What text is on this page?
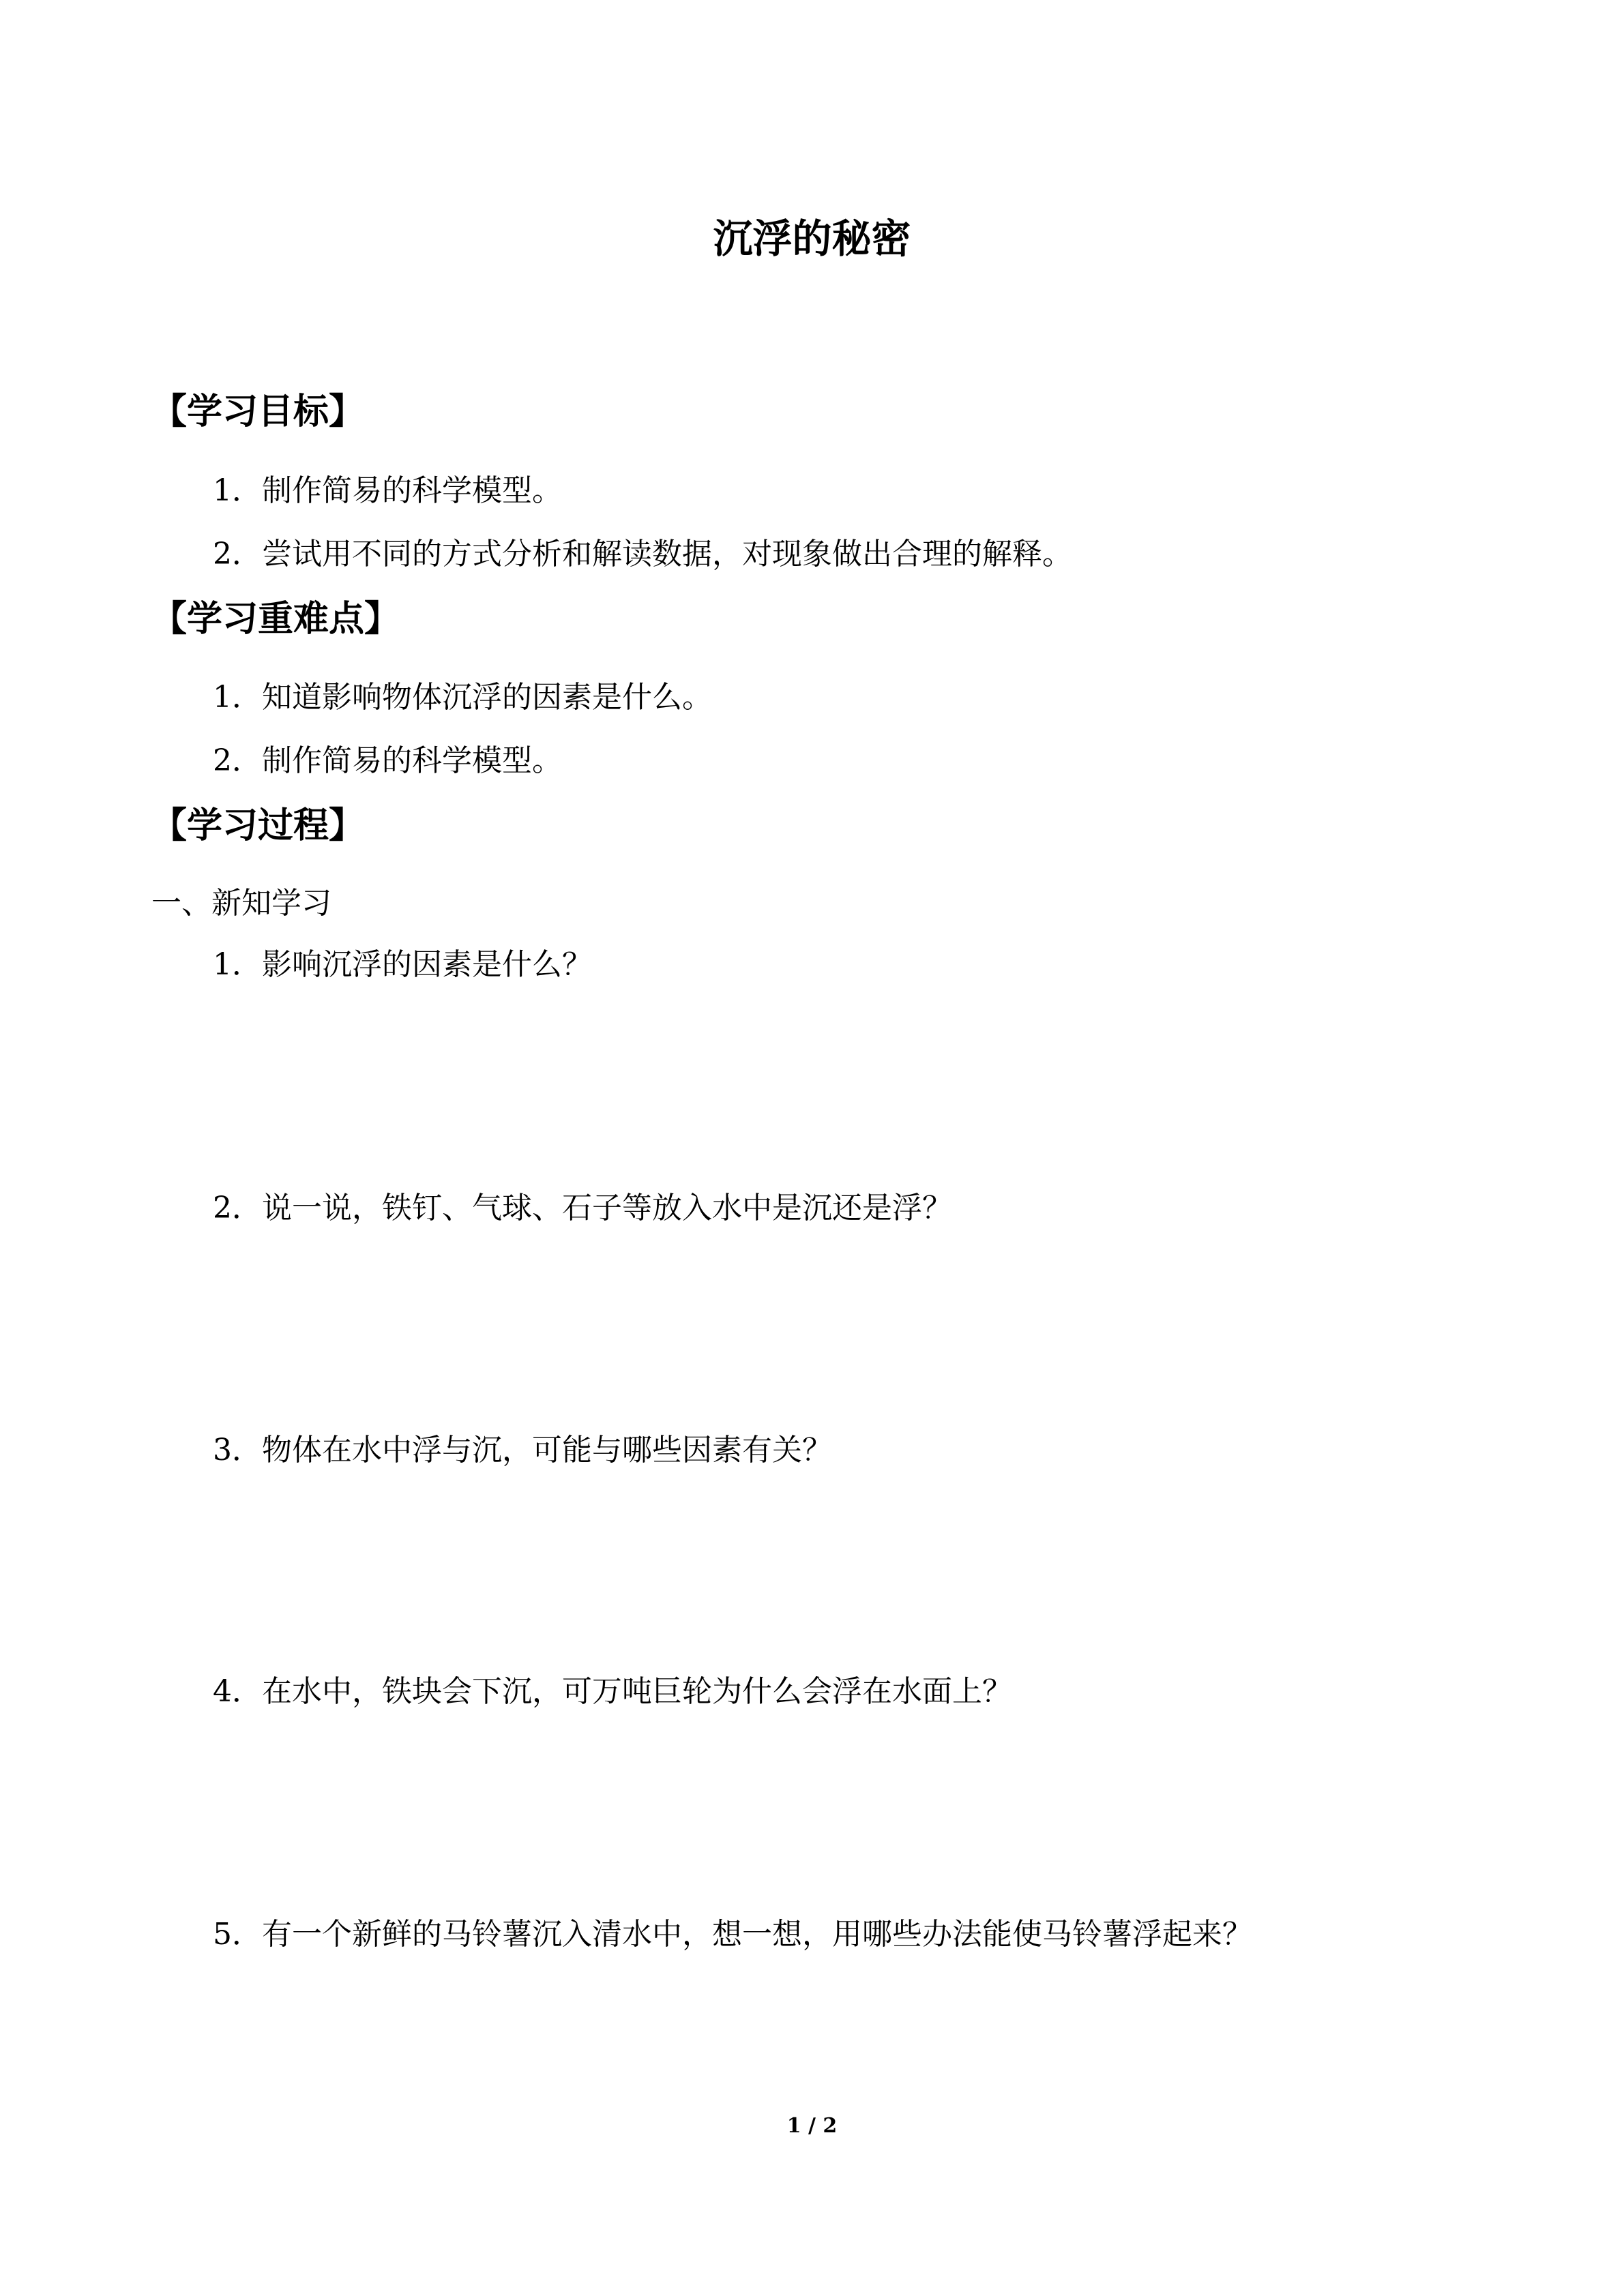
沉浮的秘密
【学习目标】
1．制作简易的科学模型。
2．尝试用不同的方式分析和解读数据，对现象做出合理的解释。
【学习重难点】
1．知道影响物体沉浮的因素是什么。
2．制作简易的科学模型。
【学习过程】
一、新知学习
1．影响沉浮的因素是什么？
2．说一说，铁钉、气球、石子等放入水中是沉还是浮？
3．物体在水中浮与沉，可能与哪些因素有关？
4．在水中，铁块会下沉，可万吨巨轮为什么会浮在水面上？
5．有一个新鲜的马铃薯沉入清水中，想一想，用哪些办法能使马铃薯浮起来？
1 / 2
